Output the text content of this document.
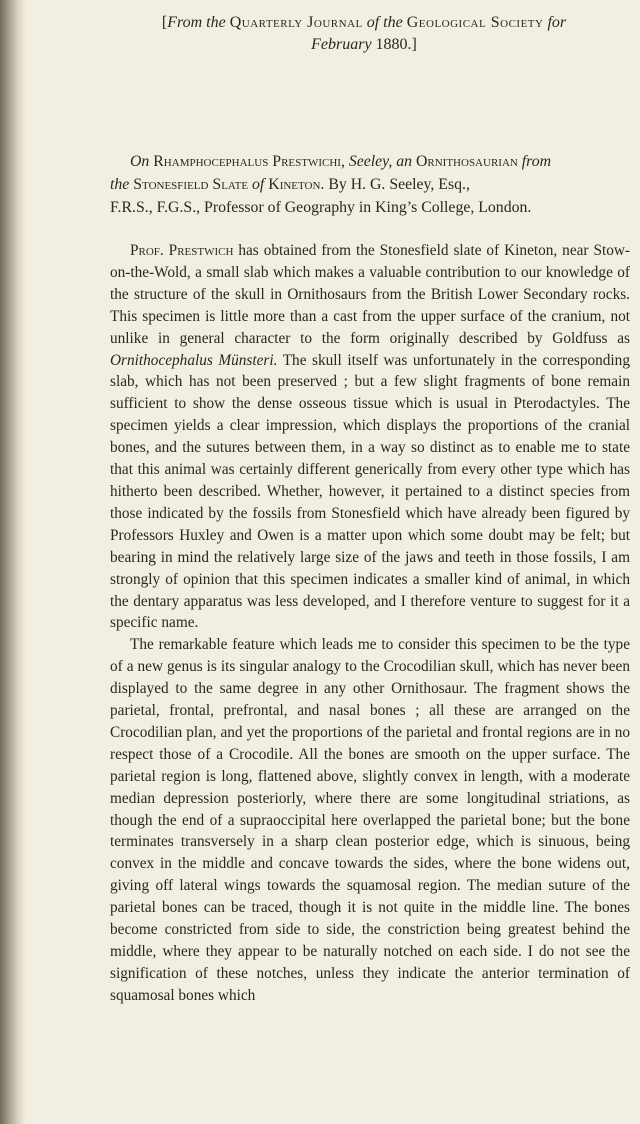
[From the Quarterly Journal of the Geological Society for
February 1880.]
On Rhamphocephalus Prestwichi, Seeley, an Ornithosaurian from
the Stonesfield Slate of Kineton. By H. G. Seeley, Esq.,
F.R.S., F.G.S., Professor of Geography in King’s College, London.

Prof. Prestwich has obtained from the Stonesfield slate of Kineton, near Stow-on-the-Wold, a small slab which makes a valuable contribution to our knowledge of the structure of the skull in Ornithosaurs from the British Lower Secondary rocks. This specimen is little more than a cast from the upper surface of the cranium, not unlike in general character to the form originally described by Goldfuss as Ornithocephalus Münsteri. The skull itself was unfortunately in the corresponding slab, which has not been preserved ; but a few slight fragments of bone remain sufficient to show the dense osseous tissue which is usual in Pterodactyles. The specimen yields a clear impression, which displays the proportions of the cranial bones, and the sutures between them, in a way so distinct as to enable me to state that this animal was certainly different generically from every other type which has hitherto been described. Whether, however, it pertained to a distinct species from those indicated by the fossils from Stonesfield which have already been figured by Professors Huxley and Owen is a matter upon which some doubt may be felt; but bearing in mind the relatively large size of the jaws and teeth in those fossils, I am strongly of opinion that this specimen indicates a smaller kind of animal, in which the dentary apparatus was less developed, and I therefore venture to suggest for it a specific name.

The remarkable feature which leads me to consider this specimen to be the type of a new genus is its singular analogy to the Crocodilian skull, which has never been displayed to the same degree in any other Ornithosaur. The fragment shows the parietal, frontal, prefrontal, and nasal bones ; all these are arranged on the Crocodilian plan, and yet the proportions of the parietal and frontal regions are in no respect those of a Crocodile. All the bones are smooth on the upper surface. The parietal region is long, flattened above, slightly convex in length, with a moderate median depression posteriorly, where there are some longitudinal striations, as though the end of a supraoccipital here overlapped the parietal bone; but the bone terminates transversely in a sharp clean posterior edge, which is sinuous, being convex in the middle and concave towards the sides, where the bone widens out, giving off lateral wings towards the squamosal region. The median suture of the parietal bones can be traced, though it is not quite in the middle line. The bones become constricted from side to side, the constriction being greatest behind the middle, where they appear to be naturally notched on each side. I do not see the signification of these notches, unless they indicate the anterior termination of squamosal bones which
